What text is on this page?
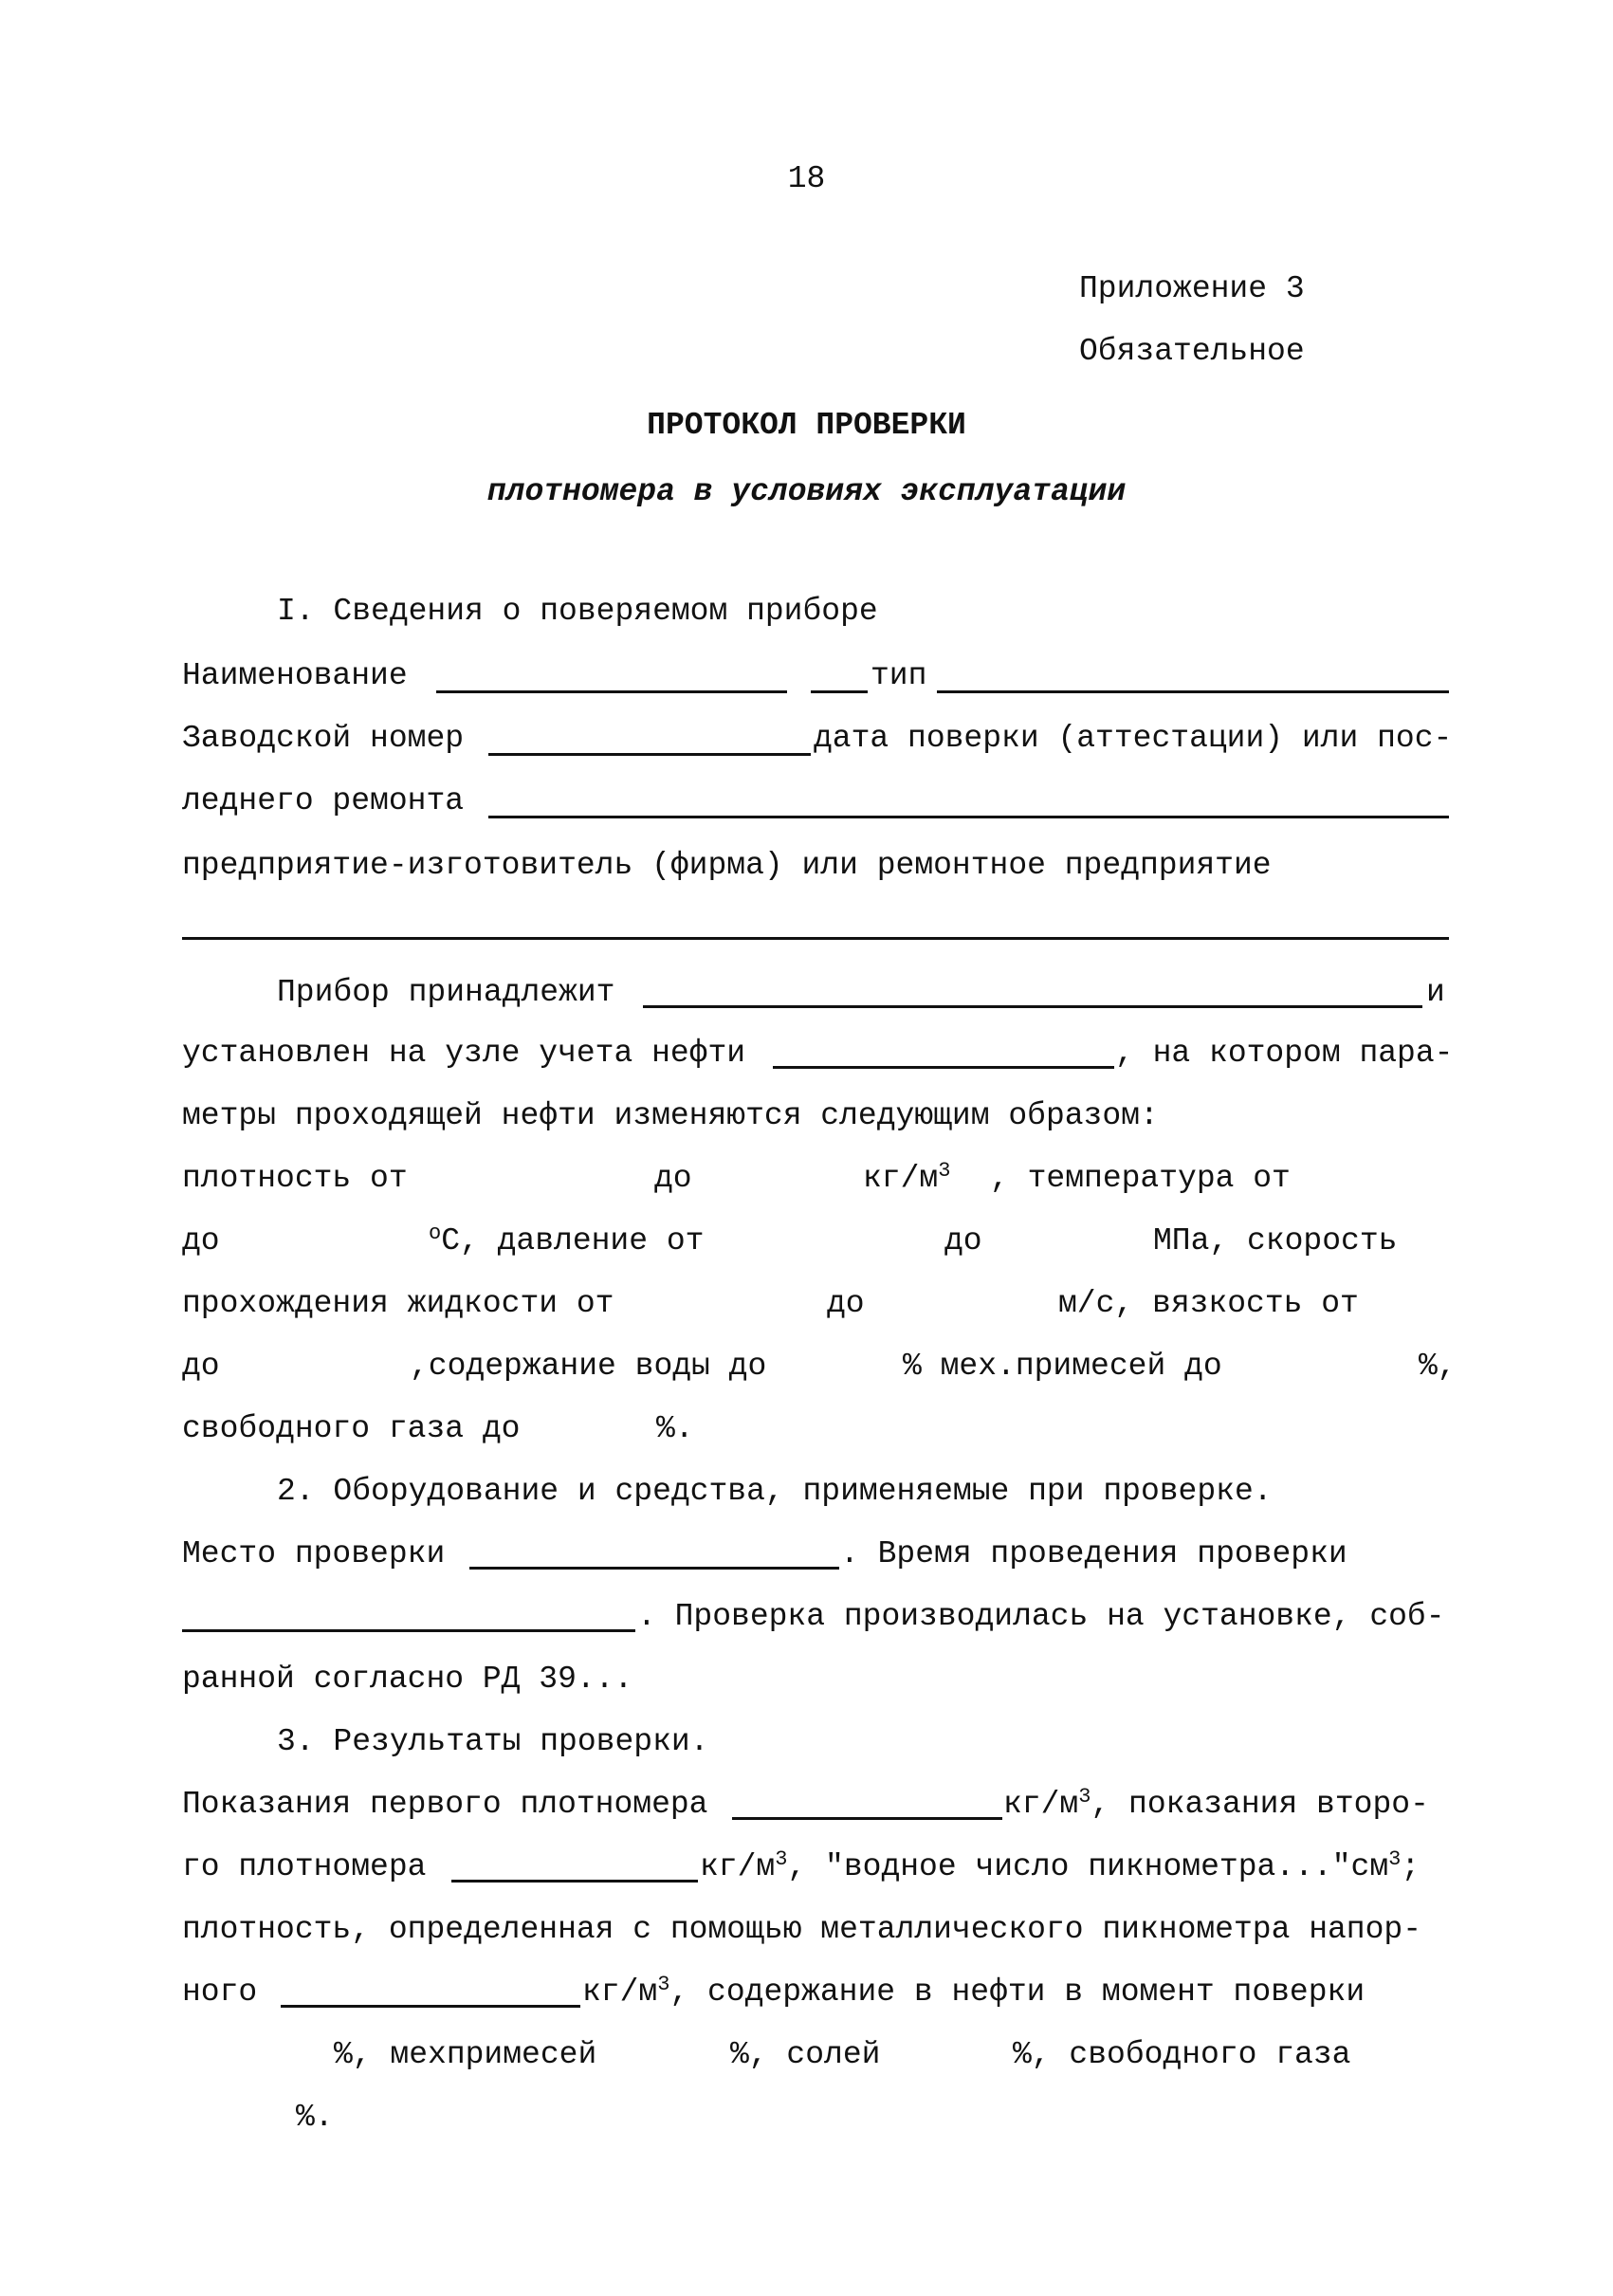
18
Приложение 3
Обязательное
ПРОТОКОЛ ПРОВЕРКИ
плотномера в условиях эксплуатации
I. Сведения о поверяемом приборе
Наименование	тип
Заводской номер	дата поверки (аттестации) или пос-
леднего ремонта
предприятие-изготовитель (фирма) или ремонтное предприятие
Прибор принадлежит	и
установлен на узле учета нефти	, на котором пара-
метры проходящей нефти изменяются следующим образом:
плотность от	до	$кг/м^3$ , температура от
до	$^о$С, давление от	до	МПа, скорость
прохождения жидкости от	до	м/с, вязкость от
до	,содержание воды до	% мех.примесей до	%,
свободного газа до	%.
2. Оборудование и средства, применяемые при проверке.
Место проверки	. Время проведения проверки
. Проверка производилась на установке, соб-
ранной согласно РД 39...
3. Результаты проверки.
Показания первого плотномера	$кг/м^3$, показания второ-
го плотномера	$кг/м^3$, "водное число $пикнометра..."см^3$;
плотность, определенная с помощью металлического пикнометра напор-
ного	$кг/м^3$, содержание в нефти в момент поверки
%, мехпримесей	%, солей	%, свободного газа
%.
